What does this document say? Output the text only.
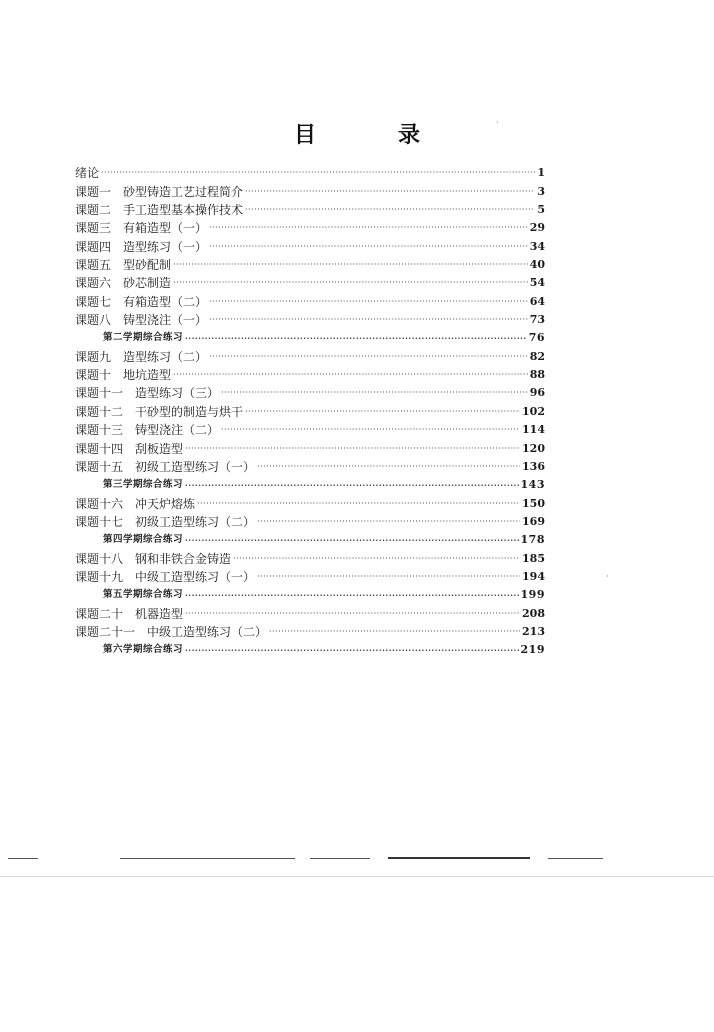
目　录
绪论 ·····	1
课题一　砂型铸造工艺过程简介 ·····	3
课题二　手工造型基本操作技术 ·····	5
课题三　有箱造型（一） ·····	29
课题四　造型练习（一） ·····	34
课题五　型砂配制 ·····	40
课题六　砂芯制造 ·····	54
课题七　有箱造型（二） ·····	64
课题八　铸型浇注（一） ·····	73
第二学期综合练习 ·····	76
课题九　造型练习（二） ·····	82
课题十　地坑造型 ·····	88
课题十一　造型练习（三） ·····	96
课题十二　干砂型的制造与烘干 ·····	102
课题十三　铸型浇注（二） ·····	114
课题十四　刮板造型 ·····	120
课题十五　初级工造型练习（一） ·····	136
第三学期综合练习 ·····	143
课题十六　冲天炉熔炼 ·····	150
课题十七　初级工造型练习（二） ·····	169
第四学期综合练习 ·····	178
课题十八　钢和非铁合金铸造 ·····	185
课题十九　中级工造型练习（一） ·····	194
第五学期综合练习 ·····	199
课题二十　机器造型 ·····	208
课题二十一　中级工造型练习（二） ·····	213
第六学期综合练习 ·····	219
·
·
